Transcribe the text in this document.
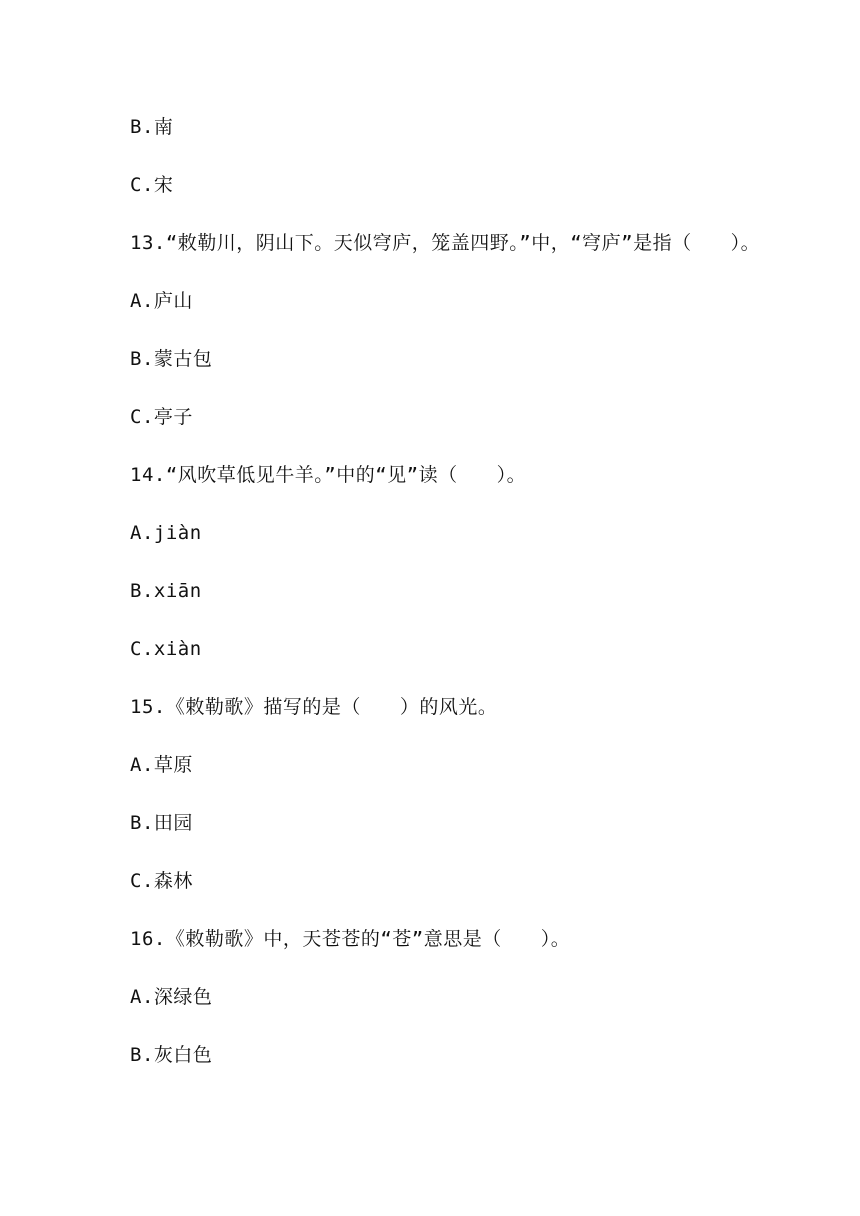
B.南
C.宋
13.“敕勒川，阴山下。天似穹庐，笼盖四野。”中，“穹庐”是指（　　）。
A.庐山
B.蒙古包
C.亭子
14.“风吹草低见牛羊。”中的“见”读（　　）。
A.jiàn
B.xiān
C.xiàn
15.《敕勒歌》描写的是（　　）的风光。
A.草原
B.田园
C.森林
16.《敕勒歌》中，天苍苍的“苍”意思是（　　）。
A.深绿色
B.灰白色
